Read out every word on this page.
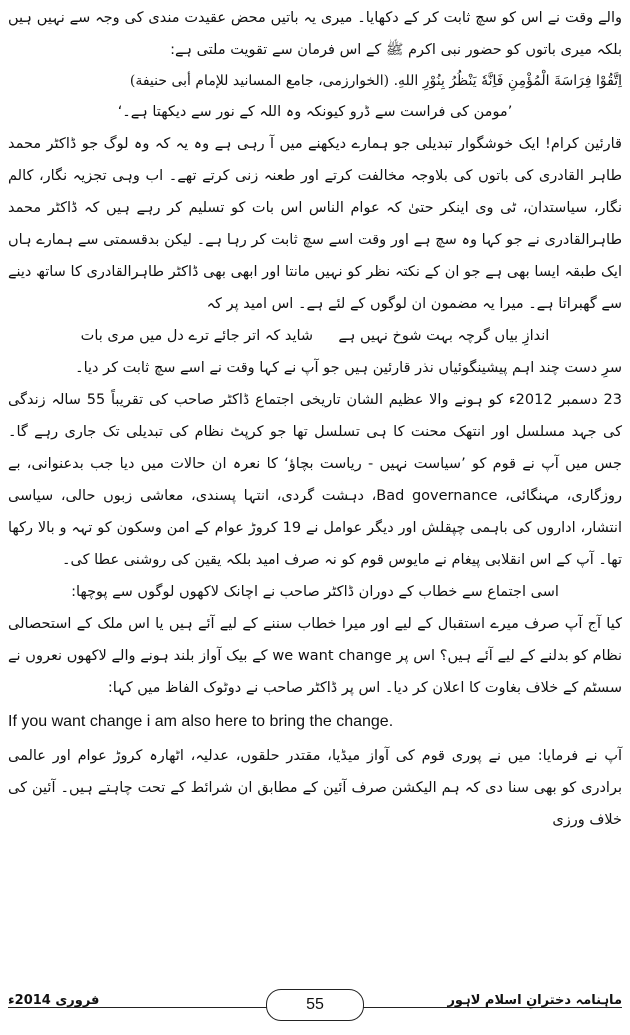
والے وقت نے اس کو سچ ثابت کر کے دکھایا۔ میری یہ باتیں محض عقیدت مندی کی وجہ سے نہیں ہیں بلکہ میری باتوں کو حضور نبی اکرم ﷺ کے اس فرمان سے تقویت ملتی ہے:

اِتَّقُوْا فِرَاسَةَ الْمُؤْمِنِ فَاِنَّهٗ یَنْظُرُ بِنُوْرِ اللهِ. (الخوارزمی، جامع المسانید للإمام أبی حنیفة)

’مومن کی فراست سے ڈرو کیونکہ وہ اللہ کے نور سے دیکھتا ہے۔‘

قارئین کرام! ایک خوشگوار تبدیلی جو ہمارے دیکھنے میں آ رہی ہے وہ یہ کہ وہ لوگ جو ڈاکٹر محمد طاہر القادری کی باتوں کی بلاوجہ مخالفت کرتے اور طعنہ زنی کرتے تھے۔ اب وہی تجزیہ نگار، کالم نگار، سیاستدان، ٹی وی اینکر حتیٰ کہ عوام الناس اس بات کو تسلیم کر رہے ہیں کہ ڈاکٹر محمد طاہرالقادری نے جو کہا وہ سچ ہے اور وقت اسے سچ ثابت کر رہا ہے۔ لیکن بدقسمتی سے ہمارے ہاں ایک طبقہ ایسا بھی ہے جو ان کے نکتہ نظر کو نہیں مانتا اور ابھی بھی ڈاکٹر طاہرالقادری کا ساتھ دینے سے گھبراتا ہے۔ میرا یہ مضمون ان لوگوں کے لئے ہے۔ اس امید پر کہ

اندازِ بیاں گرچہ بہت شوخ نہیں ہے
شاید کہ اتر جائے ترے دل میں مری بات

سرِ دست چند اہم پیشینگوئیاں نذر قارئین ہیں جو آپ نے کہا وقت نے اسے سچ ثابت کر دیا۔

23 دسمبر 2012ء کو ہونے والا عظیم الشان تاریخی اجتماع ڈاکٹر صاحب کی تقریباً 55 سالہ زندگی کی جہد مسلسل اور انتھک محنت کا ہی تسلسل تھا جو کرپٹ نظام کی تبدیلی تک جاری رہے گا۔ جس میں آپ نے قوم کو ’سیاست نہیں - ریاست بچاؤ‘ کا نعرہ ان حالات میں دیا جب بدعنوانی، بے روزگاری، مہنگائی، Bad governance، دہشت گردی، انتہا پسندی، معاشی زبوں حالی، سیاسی انتشار، اداروں کی باہمی چپقلش اور دیگر عوامل نے 19 کروڑ عوام کے امن وسکون کو تہہ و بالا رکھا تھا۔ آپ کے اس انقلابی پیغام نے مایوس قوم کو نہ صرف امید بلکہ یقین کی روشنی عطا کی۔

اسی اجتماع سے خطاب کے دوران ڈاکٹر صاحب نے اچانک لاکھوں لوگوں سے پوچھا:

کیا آج آپ صرف میرے استقبال کے لیے اور میرا خطاب سننے کے لیے آئے ہیں یا اس ملک کے استحصالی نظام کو بدلنے کے لیے آئے ہیں؟ اس پر we want change کے بیک آواز بلند ہونے والے لاکھوں نعروں نے سسٹم کے خلاف بغاوت کا اعلان کر دیا۔ اس پر ڈاکٹر صاحب نے دوٹوک الفاظ میں کہا:

If you want change i am also here to bring the change.

آپ نے فرمایا: میں نے پوری قوم کی آواز میڈیا، مقتدر حلقوں، عدلیہ، اٹھارہ کروڑ عوام اور عالمی برادری کو بھی سنا دی کہ ہم الیکشن صرف آئین کے مطابق ان شرائط کے تحت چاہتے ہیں۔ آئین کی خلاف ورزی

ماہنامہ دخترانِ اسلام لاہور
55
فروری 2014ء
